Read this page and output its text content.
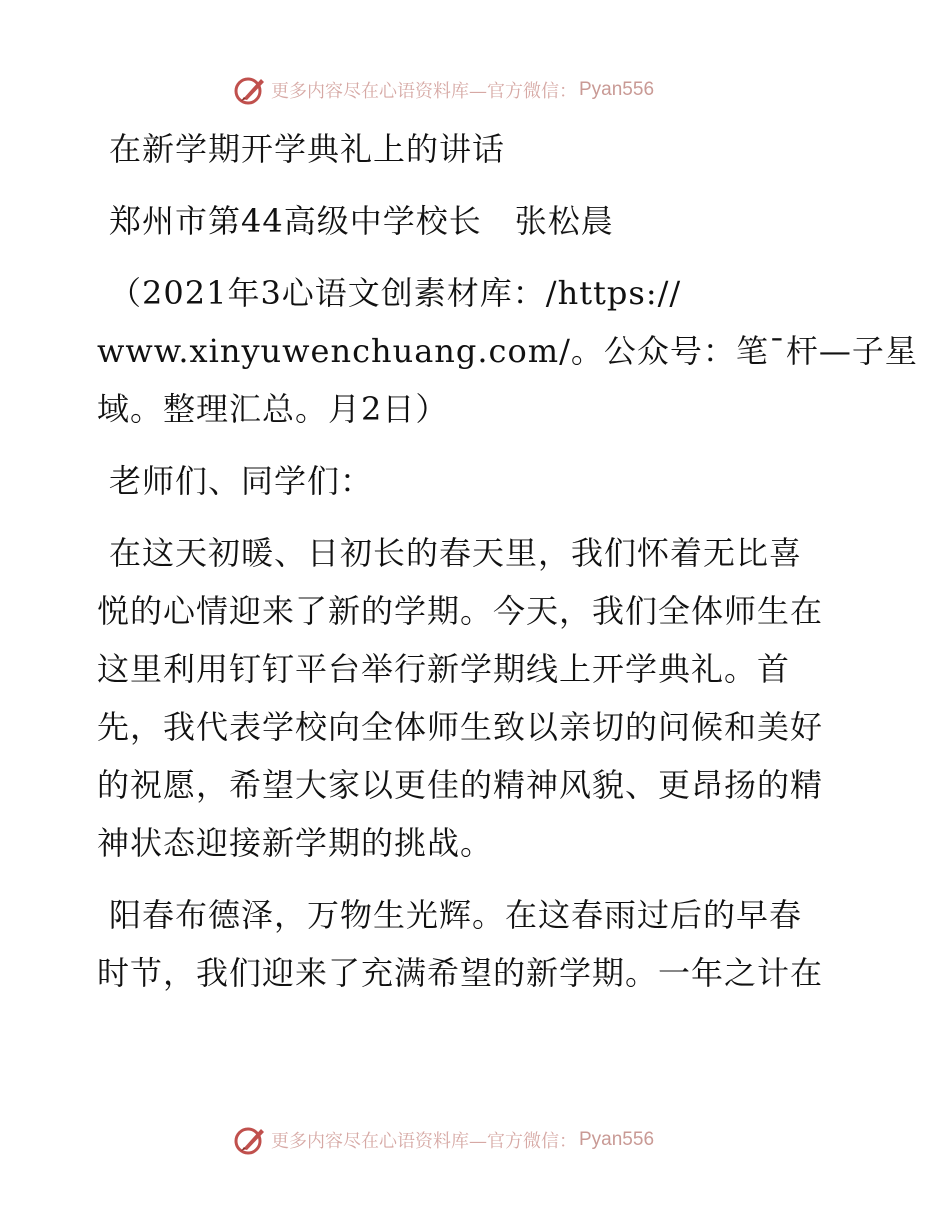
更多内容尽在心语资料库—官方微信： Pyan556
在新学期开学典礼上的讲话
郑州市第44高级中学校长　张松晨
（2021年3心语文创素材库：/https://
www.xinyuwenchuang.com/。公众号：笔¯杆—子星
域。整理汇总。月2日）
老师们、同学们：
在这天初暖、日初长的春天里，我们怀着无比喜
悦的心情迎来了新的学期。今天，我们全体师生在
这里利用钉钉平台举行新学期线上开学典礼。首
先，我代表学校向全体师生致以亲切的问候和美好
的祝愿，希望大家以更佳的精神风貌、更昂扬的精
神状态迎接新学期的挑战。
阳春布德泽，万物生光辉。在这春雨过后的早春
时节，我们迎来了充满希望的新学期。一年之计在
更多内容尽在心语资料库—官方微信： Pyan556
